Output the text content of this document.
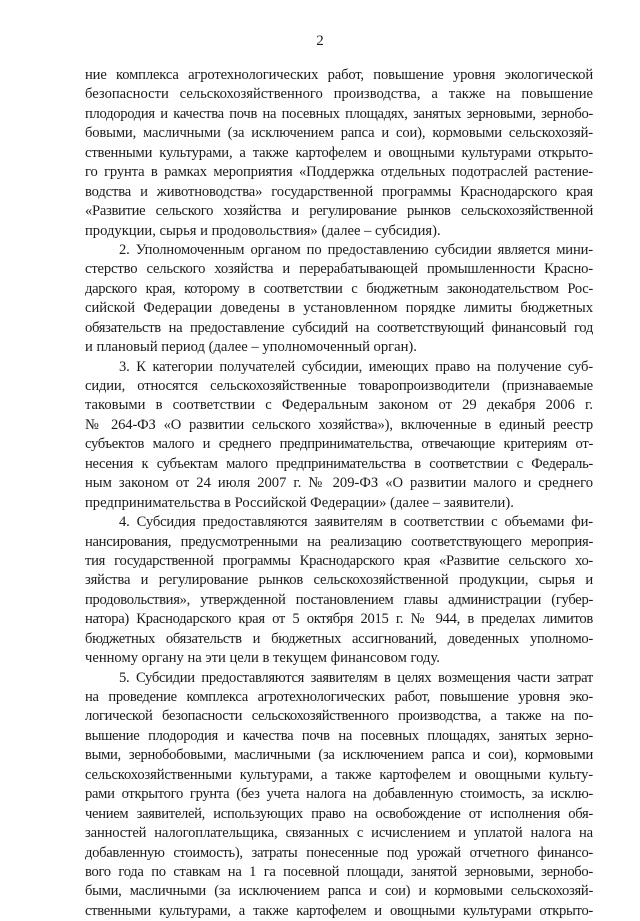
2
ние комплекса агротехнологических работ, повышение уровня экологической
безопасности сельскохозяйственного производства, а также на повышение
плодородия и качества почв на посевных площадях, занятых зерновыми, зернобо-
бовыми, масличными (за исключением рапса и сои), кормовыми сельскохозяй-
ственными культурами, а также картофелем и овощными культурами открыто-
го грунта в рамках мероприятия «Поддержка отдельных подотраслей растение-
водства и животноводства» государственной программы Краснодарского края
«Развитие сельского хозяйства и регулирование рынков сельскохозяйственной
продукции, сырья и продовольствия» (далее – субсидия).
2. Уполномоченным органом по предоставлению субсидии является мини-
стерство сельского хозяйства и перерабатывающей промышленности Красно-
дарского края, которому в соответствии с бюджетным законодательством Рос-
сийской Федерации доведены в установленном порядке лимиты бюджетных
обязательств на предоставление субсидий на соответствующий финансовый год
и плановый период (далее – уполномоченный орган).
3. К категории получателей субсидии, имеющих право на получение суб-
сидии, относятся сельскохозяйственные товаропроизводители (признаваемые
таковыми в соответствии с Федеральным законом от 29 декабря 2006 г.
№ 264-ФЗ «О развитии сельского хозяйства»), включенные в единый реестр
субъектов малого и среднего предпринимательства, отвечающие критериям от-
несения к субъектам малого предпринимательства в соответствии с Федераль-
ным законом от 24 июля 2007 г. № 209-ФЗ «О развитии малого и среднего
предпринимательства в Российской Федерации» (далее – заявители).
4. Субсидия предоставляются заявителям в соответствии с объемами фи-
нансирования, предусмотренными на реализацию соответствующего мероприя-
тия государственной программы Краснодарского края «Развитие сельского хо-
зяйства и регулирование рынков сельскохозяйственной продукции, сырья и
продовольствия», утвержденной постановлением главы администрации (губер-
натора) Краснодарского края от 5 октября 2015 г. № 944, в пределах лимитов
бюджетных обязательств и бюджетных ассигнований, доведенных уполномо-
ченному органу на эти цели в текущем финансовом году.
5. Субсидии предоставляются заявителям в целях возмещения части затрат
на проведение комплекса агротехнологических работ, повышение уровня эко-
логической безопасности сельскохозяйственного производства, а также на по-
вышение плодородия и качества почв на посевных площадях, занятых зерно-
выми, зернобобовыми, масличными (за исключением рапса и сои), кормовыми
сельскохозяйственными культурами, а также картофелем и овощными культу-
рами открытого грунта (без учета налога на добавленную стоимость, за исклю-
чением заявителей, использующих право на освобождение от исполнения обя-
занностей налогоплательщика, связанных с исчислением и уплатой налога на
добавленную стоимость), затраты понесенные под урожай отчетного финансо-
вого года по ставкам на 1 га посевной площади, занятой зерновыми, зернобо-
быми, масличными (за исключением рапса и сои) и кормовыми сельскохозяй-
ственными культурами, а также картофелем и овощными культурами открыто-
